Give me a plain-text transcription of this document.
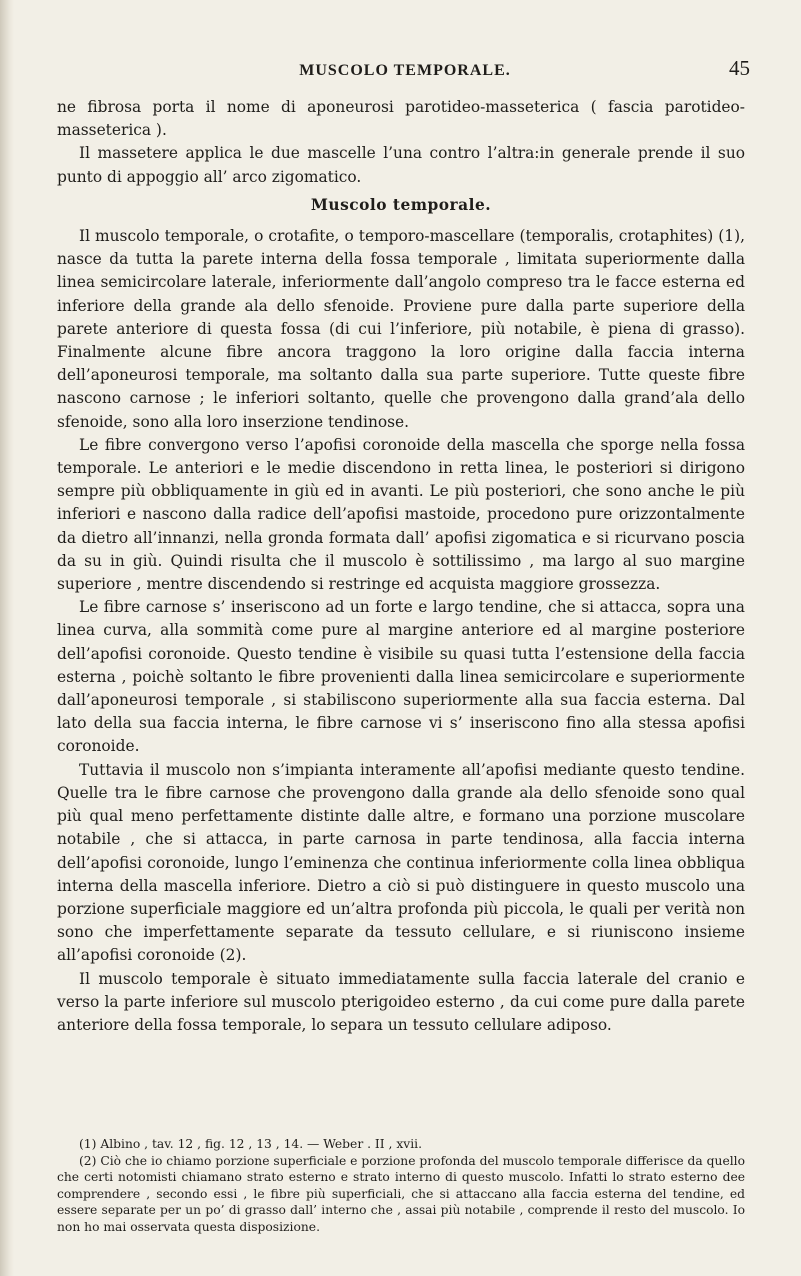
MUSCOLO TEMPORALE.	45

ne fibrosa porta il nome di aponeurosi parotideo-masseterica ( fascia parotideo-masseterica ).

Il massetere applica le due mascelle l’una contro l’altra:in generale prende il suo punto di appoggio all’ arco zigomatico.

Muscolo temporale.

Il muscolo temporale, o crotafite, o temporo-mascellare (temporalis, crotaphites) (1), nasce da tutta la parete interna della fossa temporale , limitata superiormente dalla linea semicircolare laterale, inferiormente dall’angolo compreso tra le facce esterna ed inferiore della grande ala dello sfenoide. Proviene pure dalla parte superiore della parete anteriore di questa fossa (di cui l’inferiore, più notabile, è piena di grasso). Finalmente alcune fibre ancora traggono la loro origine dalla faccia interna dell’aponeurosi temporale, ma soltanto dalla sua parte superiore. Tutte queste fibre nascono carnose ; le inferiori soltanto, quelle che provengono dalla grand’ala dello sfenoide, sono alla loro inserzione tendinose.

Le fibre convergono verso l’apofisi coronoide della mascella che sporge nella fossa temporale. Le anteriori e le medie discendono in retta linea, le posteriori si dirigono sempre più obbliquamente in giù ed in avanti. Le più posteriori, che sono anche le più inferiori e nascono dalla radice dell’apofisi mastoide, procedono pure orizzontalmente da dietro all’innanzi, nella gronda formata dall’ apofisi zigomatica e si ricurvano poscia da su in giù. Quindi risulta che il muscolo è sottilissimo , ma largo al suo margine superiore , mentre discendendo si restringe ed acquista maggiore grossezza.

Le fibre carnose s’ inseriscono ad un forte e largo tendine, che si attacca, sopra una linea curva, alla sommità come pure al margine anteriore ed al margine posteriore dell’apofisi coronoide. Questo tendine è visibile su quasi tutta l’estensione della faccia esterna , poichè soltanto le fibre provenienti dalla linea semicircolare e superiormente dall’aponeurosi temporale , si stabiliscono superiormente alla sua faccia esterna. Dal lato della sua faccia interna, le fibre carnose vi s’ inseriscono fino alla stessa apofisi coronoide.

Tuttavia il muscolo non s’impianta interamente all’apofisi mediante questo tendine. Quelle tra le fibre carnose che provengono dalla grande ala dello sfenoide sono qual più qual meno perfettamente distinte dalle altre, e formano una porzione muscolare notabile , che si attacca, in parte carnosa in parte tendinosa, alla faccia interna dell’apofisi coronoide, lungo l’eminenza che continua inferiormente colla linea obbliqua interna della mascella inferiore. Dietro a ciò si può distinguere in questo muscolo una porzione superficiale maggiore ed un’altra profonda più piccola, le quali per verità non sono che imperfettamente separate da tessuto cellulare, e si riuniscono insieme all’apofisi coronoide (2).

Il muscolo temporale è situato immediatamente sulla faccia laterale del cranio e verso la parte inferiore sul muscolo pterigoideo esterno , da cui come pure dalla parete anteriore della fossa temporale, lo separa un tessuto cellulare adiposo.

(1) Albino , tav. 12 , fig. 12 , 13 , 14. — Weber . II , xvii.

(2) Ciò che io chiamo porzione superficiale e porzione profonda del muscolo temporale differisce da quello che certi notomisti chiamano strato esterno e strato interno di questo muscolo. Infatti lo strato esterno dee comprendere , secondo essi , le fibre più superficiali, che si attaccano alla faccia esterna del tendine, ed essere separate per un po’ di grasso dall’ interno che , assai più notabile , comprende il resto del muscolo. Io non ho mai osservata questa disposizione.
